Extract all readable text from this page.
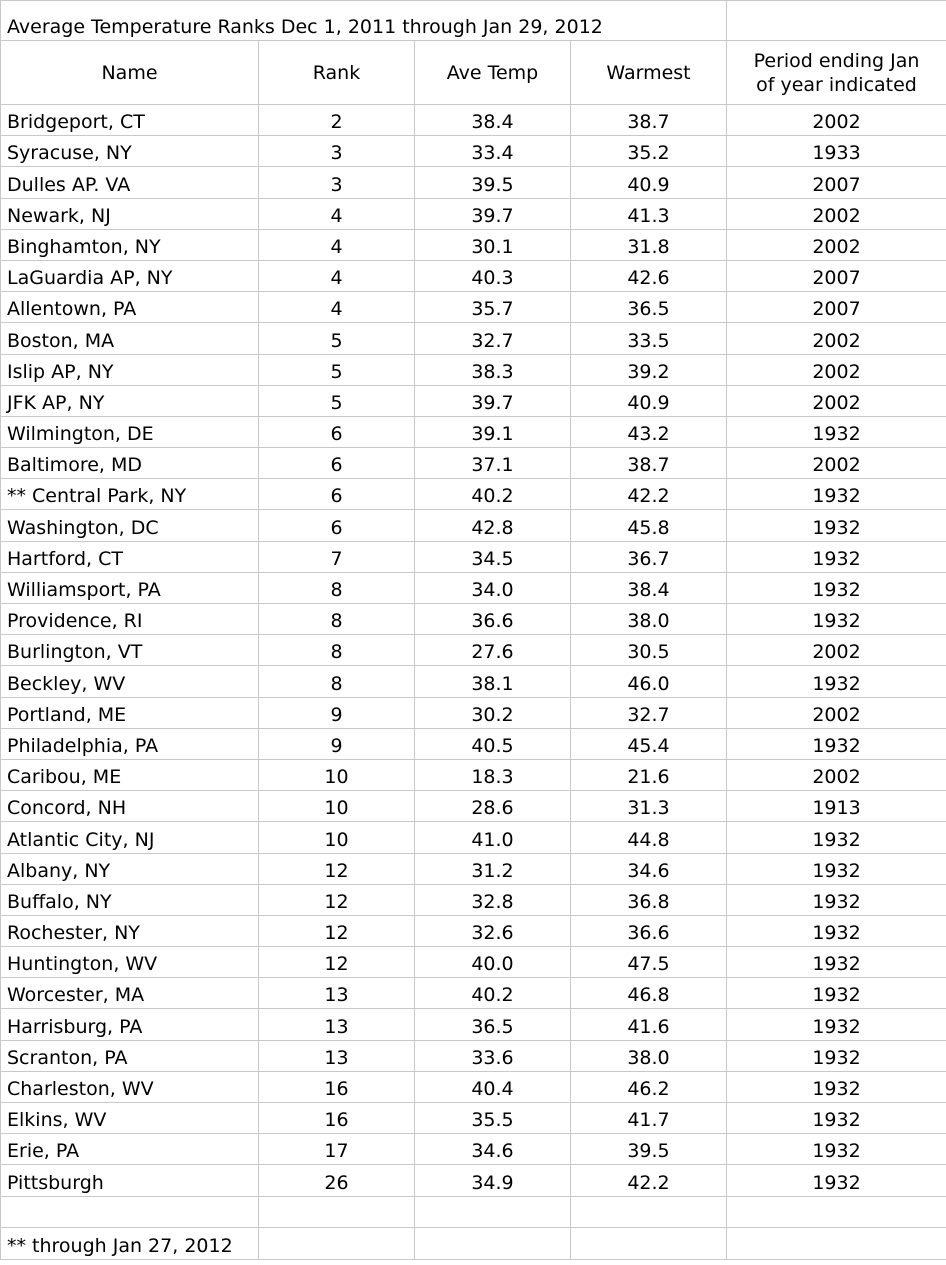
Average Temperature Ranks Dec 1, 2011 through Jan 29, 2012				
Name	Rank	Ave Temp	Warmest	Period ending Jan
of year indicated

Bridgeport, CT	2	38.4	38.7	2002
Syracuse, NY	3	33.4	35.2	1933
Dulles AP. VA	3	39.5	40.9	2007
Newark, NJ	4	39.7	41.3	2002
Binghamton, NY	4	30.1	31.8	2002
LaGuardia AP, NY	4	40.3	42.6	2007
Allentown, PA	4	35.7	36.5	2007
Boston, MA	5	32.7	33.5	2002
Islip AP, NY	5	38.3	39.2	2002
JFK AP, NY	5	39.7	40.9	2002
Wilmington, DE	6	39.1	43.2	1932
Baltimore, MD	6	37.1	38.7	2002
** Central Park, NY	6	40.2	42.2	1932
Washington, DC	6	42.8	45.8	1932
Hartford, CT	7	34.5	36.7	1932
Williamsport, PA	8	34.0	38.4	1932
Providence, RI	8	36.6	38.0	1932
Burlington, VT	8	27.6	30.5	2002
Beckley, WV	8	38.1	46.0	1932
Portland, ME	9	30.2	32.7	2002
Philadelphia, PA	9	40.5	45.4	1932
Caribou, ME	10	18.3	21.6	2002
Concord, NH	10	28.6	31.3	1913
Atlantic City, NJ	10	41.0	44.8	1932
Albany, NY	12	31.2	34.6	1932
Buffalo, NY	12	32.8	36.8	1932
Rochester, NY	12	32.6	36.6	1932
Huntington, WV	12	40.0	47.5	1932
Worcester, MA	13	40.2	46.8	1932
Harrisburg, PA	13	36.5	41.6	1932
Scranton, PA	13	33.6	38.0	1932
Charleston, WV	16	40.4	46.2	1932
Elkins, WV	16	35.5	41.7	1932
Erie, PA	17	34.6	39.5	1932
Pittsburgh	26	34.9	42.2	1932

** through Jan 27, 2012				
